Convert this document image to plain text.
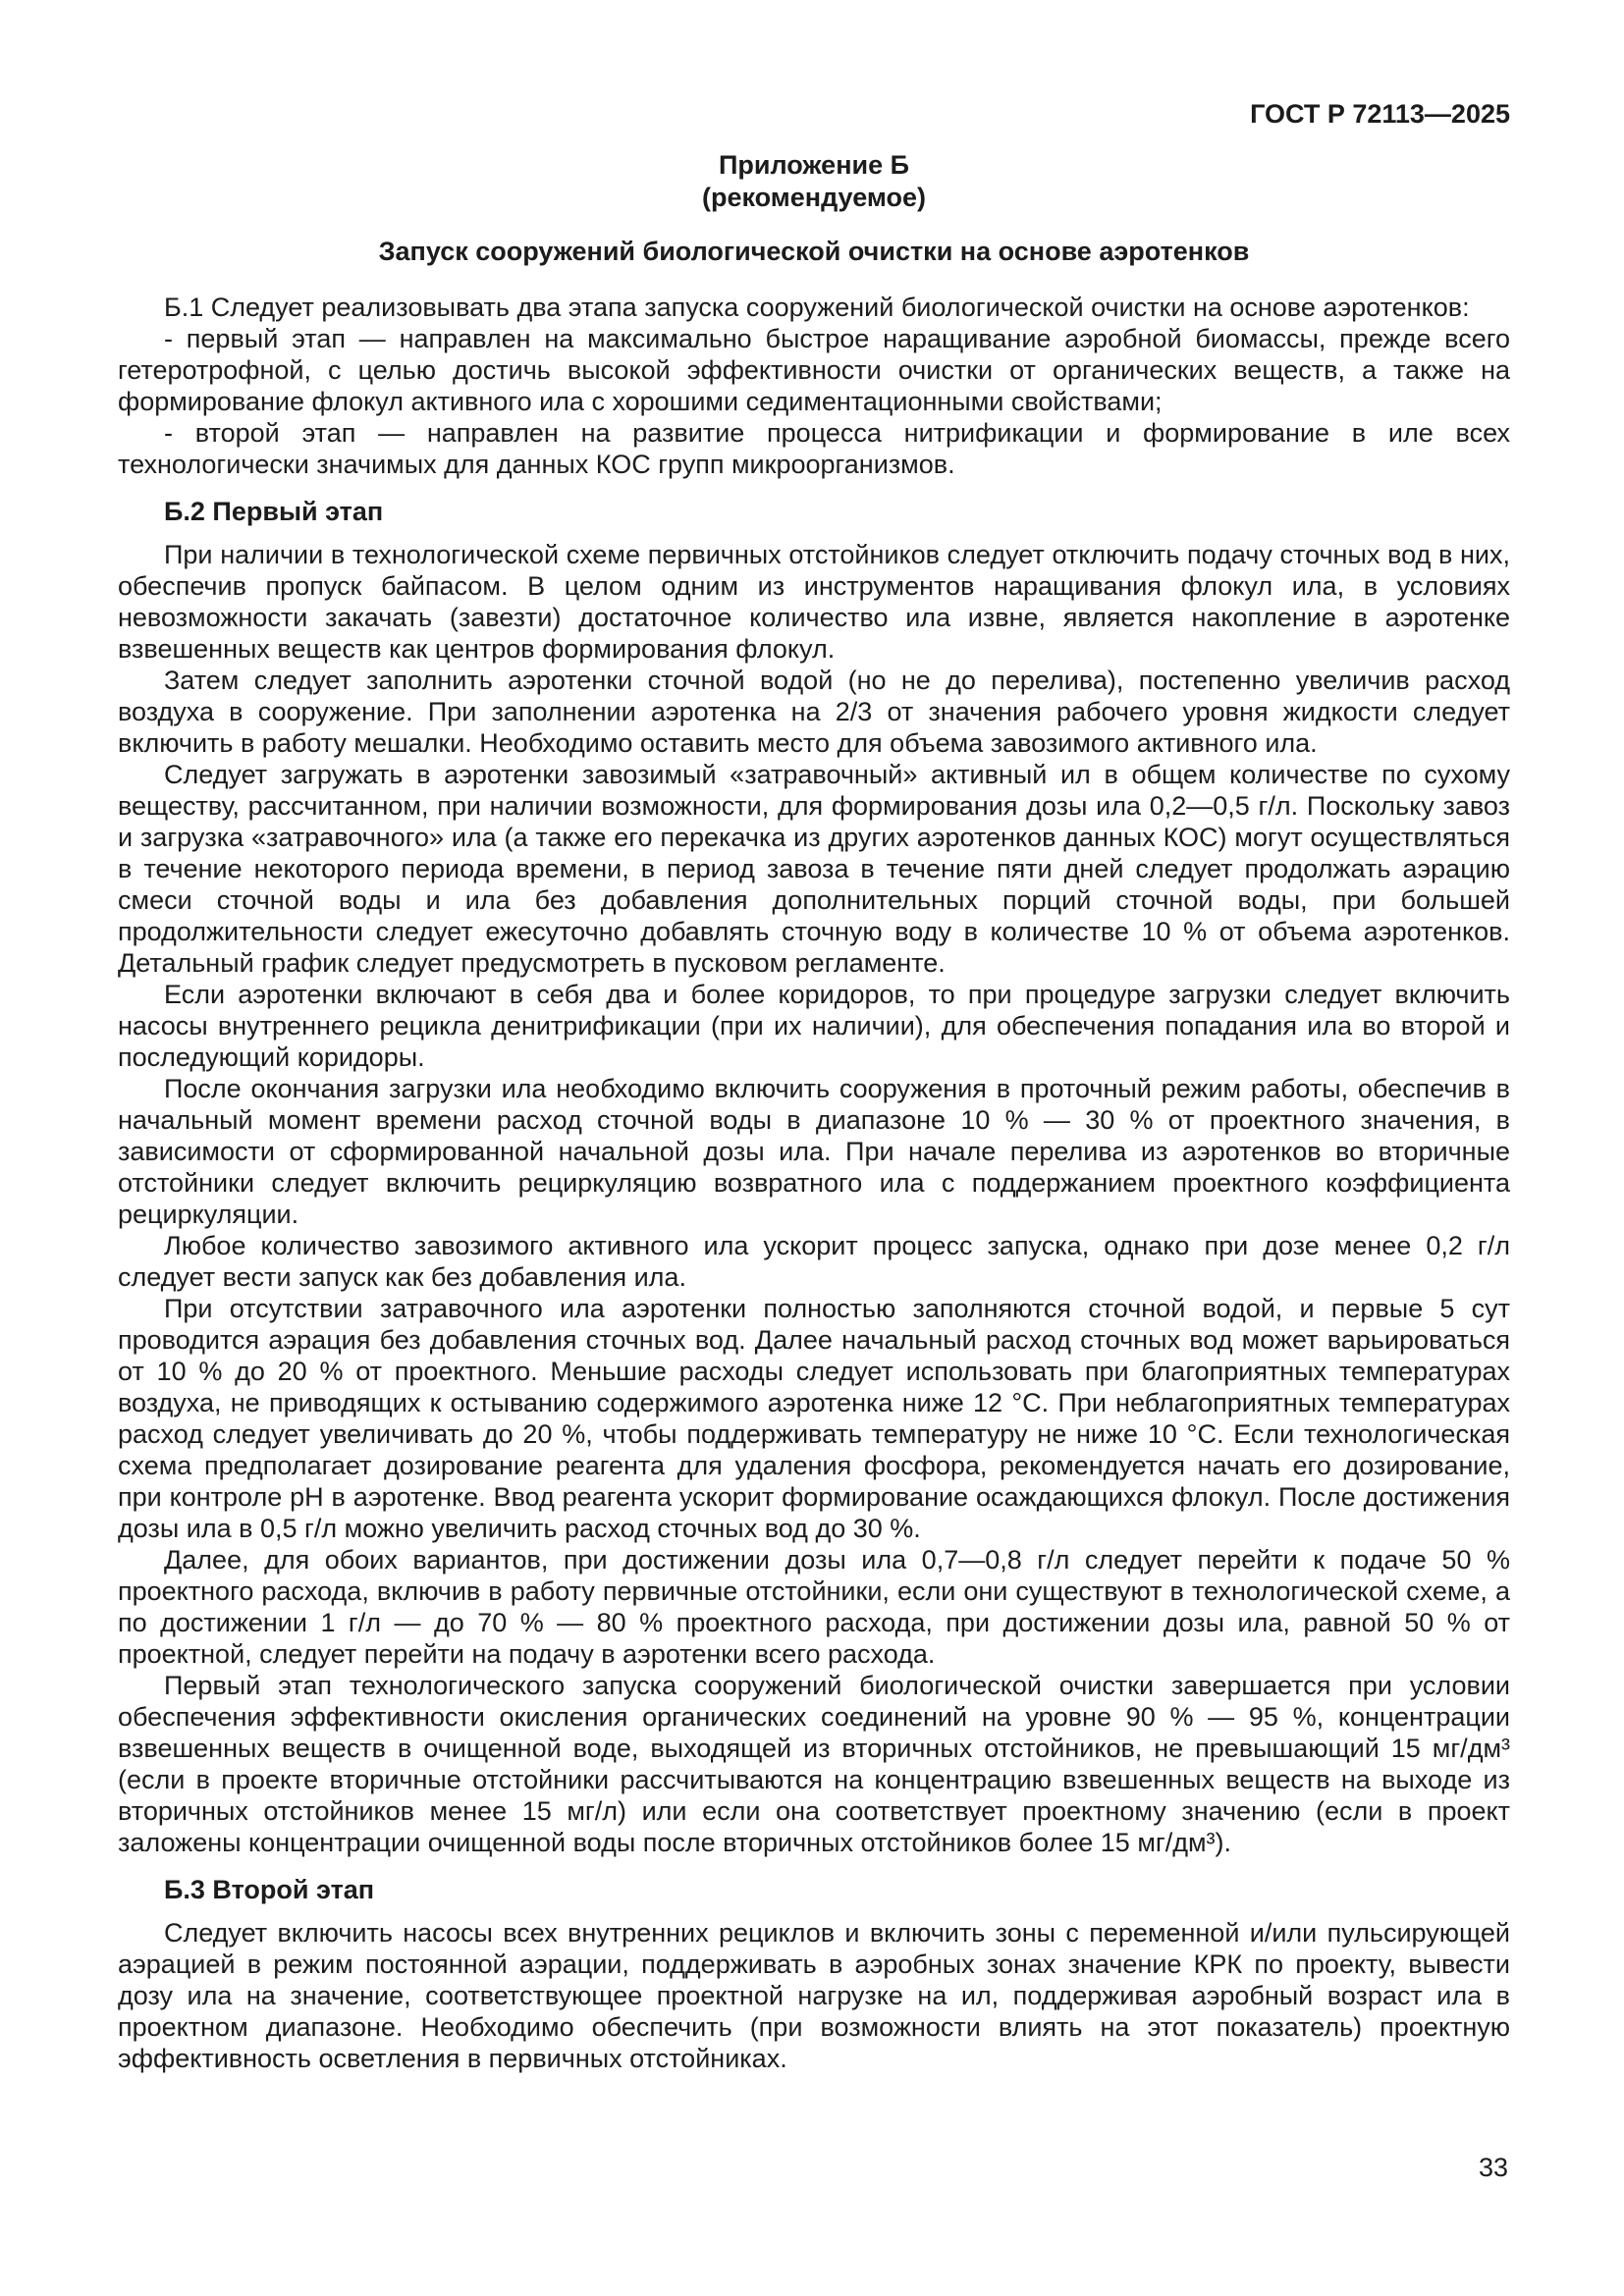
ГОСТ Р 72113—2025

Приложение Б

(рекомендуемое)

Запуск сооружений биологической очистки на основе аэротенков

Б.1 Следует реализовывать два этапа запуска сооружений биологической очистки на основе аэротенков:

- первый этап — направлен на максимально быстрое наращивание аэробной биомассы, прежде всего гетеротрофной, с целью достичь высокой эффективности очистки от органических веществ, а также на формирование флокул активного ила с хорошими седиментационными свойствами;

- второй этап — направлен на развитие процесса нитрификации и формирование в иле всех технологически значимых для данных КОС групп микроорганизмов.

Б.2 Первый этап

При наличии в технологической схеме первичных отстойников следует отключить подачу сточных вод в них, обеспечив пропуск байпасом. В целом одним из инструментов наращивания флокул ила, в условиях невозможности закачать (завезти) достаточное количество ила извне, является накопление в аэротенке взвешенных веществ как центров формирования флокул.

Затем следует заполнить аэротенки сточной водой (но не до перелива), постепенно увеличив расход воздуха в сооружение. При заполнении аэротенка на 2/3 от значения рабочего уровня жидкости следует включить в работу мешалки. Необходимо оставить место для объема завозимого активного ила.

Следует загружать в аэротенки завозимый «затравочный» активный ил в общем количестве по сухому веществу, рассчитанном, при наличии возможности, для формирования дозы ила 0,2—0,5 г/л. Поскольку завоз и загрузка «затравочного» ила (а также его перекачка из других аэротенков данных КОС) могут осуществляться в течение некоторого периода времени, в период завоза в течение пяти дней следует продолжать аэрацию смеси сточной воды и ила без добавления дополнительных порций сточной воды, при большей продолжительности следует ежесуточно добавлять сточную воду в количестве 10 % от объема аэротенков. Детальный график следует предусмотреть в пусковом регламенте.

Если аэротенки включают в себя два и более коридоров, то при процедуре загрузки следует включить насосы внутреннего рецикла денитрификации (при их наличии), для обеспечения попадания ила во второй и последующий коридоры.

После окончания загрузки ила необходимо включить сооружения в проточный режим работы, обеспечив в начальный момент времени расход сточной воды в диапазоне 10 % — 30 % от проектного значения, в зависимости от сформированной начальной дозы ила. При начале перелива из аэротенков во вторичные отстойники следует включить рециркуляцию возвратного ила с поддержанием проектного коэффициента рециркуляции.

Любое количество завозимого активного ила ускорит процесс запуска, однако при дозе менее 0,2 г/л следует вести запуск как без добавления ила.

При отсутствии затравочного ила аэротенки полностью заполняются сточной водой, и первые 5 сут проводится аэрация без добавления сточных вод. Далее начальный расход сточных вод может варьироваться от 10 % до 20 % от проектного. Меньшие расходы следует использовать при благоприятных температурах воздуха, не приводящих к остыванию содержимого аэротенка ниже 12 °С. При неблагоприятных температурах расход следует увеличивать до 20 %, чтобы поддерживать температуру не ниже 10 °С. Если технологическая схема предполагает дозирование реагента для удаления фосфора, рекомендуется начать его дозирование, при контроле pH в аэротенке. Ввод реагента ускорит формирование осаждающихся флокул. После достижения дозы ила в 0,5 г/л можно увеличить расход сточных вод до 30 %.

Далее, для обоих вариантов, при достижении дозы ила 0,7—0,8 г/л следует перейти к подаче 50 % проектного расхода, включив в работу первичные отстойники, если они существуют в технологической схеме, а по достижении 1 г/л — до 70 % — 80 % проектного расхода, при достижении дозы ила, равной 50 % от проектной, следует перейти на подачу в аэротенки всего расхода.

Первый этап технологического запуска сооружений биологической очистки завершается при условии обеспечения эффективности окисления органических соединений на уровне 90 % — 95 %, концентрации взвешенных веществ в очищенной воде, выходящей из вторичных отстойников, не превышающий 15 мг/дм³ (если в проекте вторичные отстойники рассчитываются на концентрацию взвешенных веществ на выходе из вторичных отстойников менее 15 мг/л) или если она соответствует проектному значению (если в проект заложены концентрации очищенной воды после вторичных отстойников более 15 мг/дм³).

Б.3 Второй этап

Следует включить насосы всех внутренних рециклов и включить зоны с переменной и/или пульсирующей аэрацией в режим постоянной аэрации, поддерживать в аэробных зонах значение КРК по проекту, вывести дозу ила на значение, соответствующее проектной нагрузке на ил, поддерживая аэробный возраст ила в проектном диапазоне. Необходимо обеспечить (при возможности влиять на этот показатель) проектную эффективность осветления в первичных отстойниках.

33
